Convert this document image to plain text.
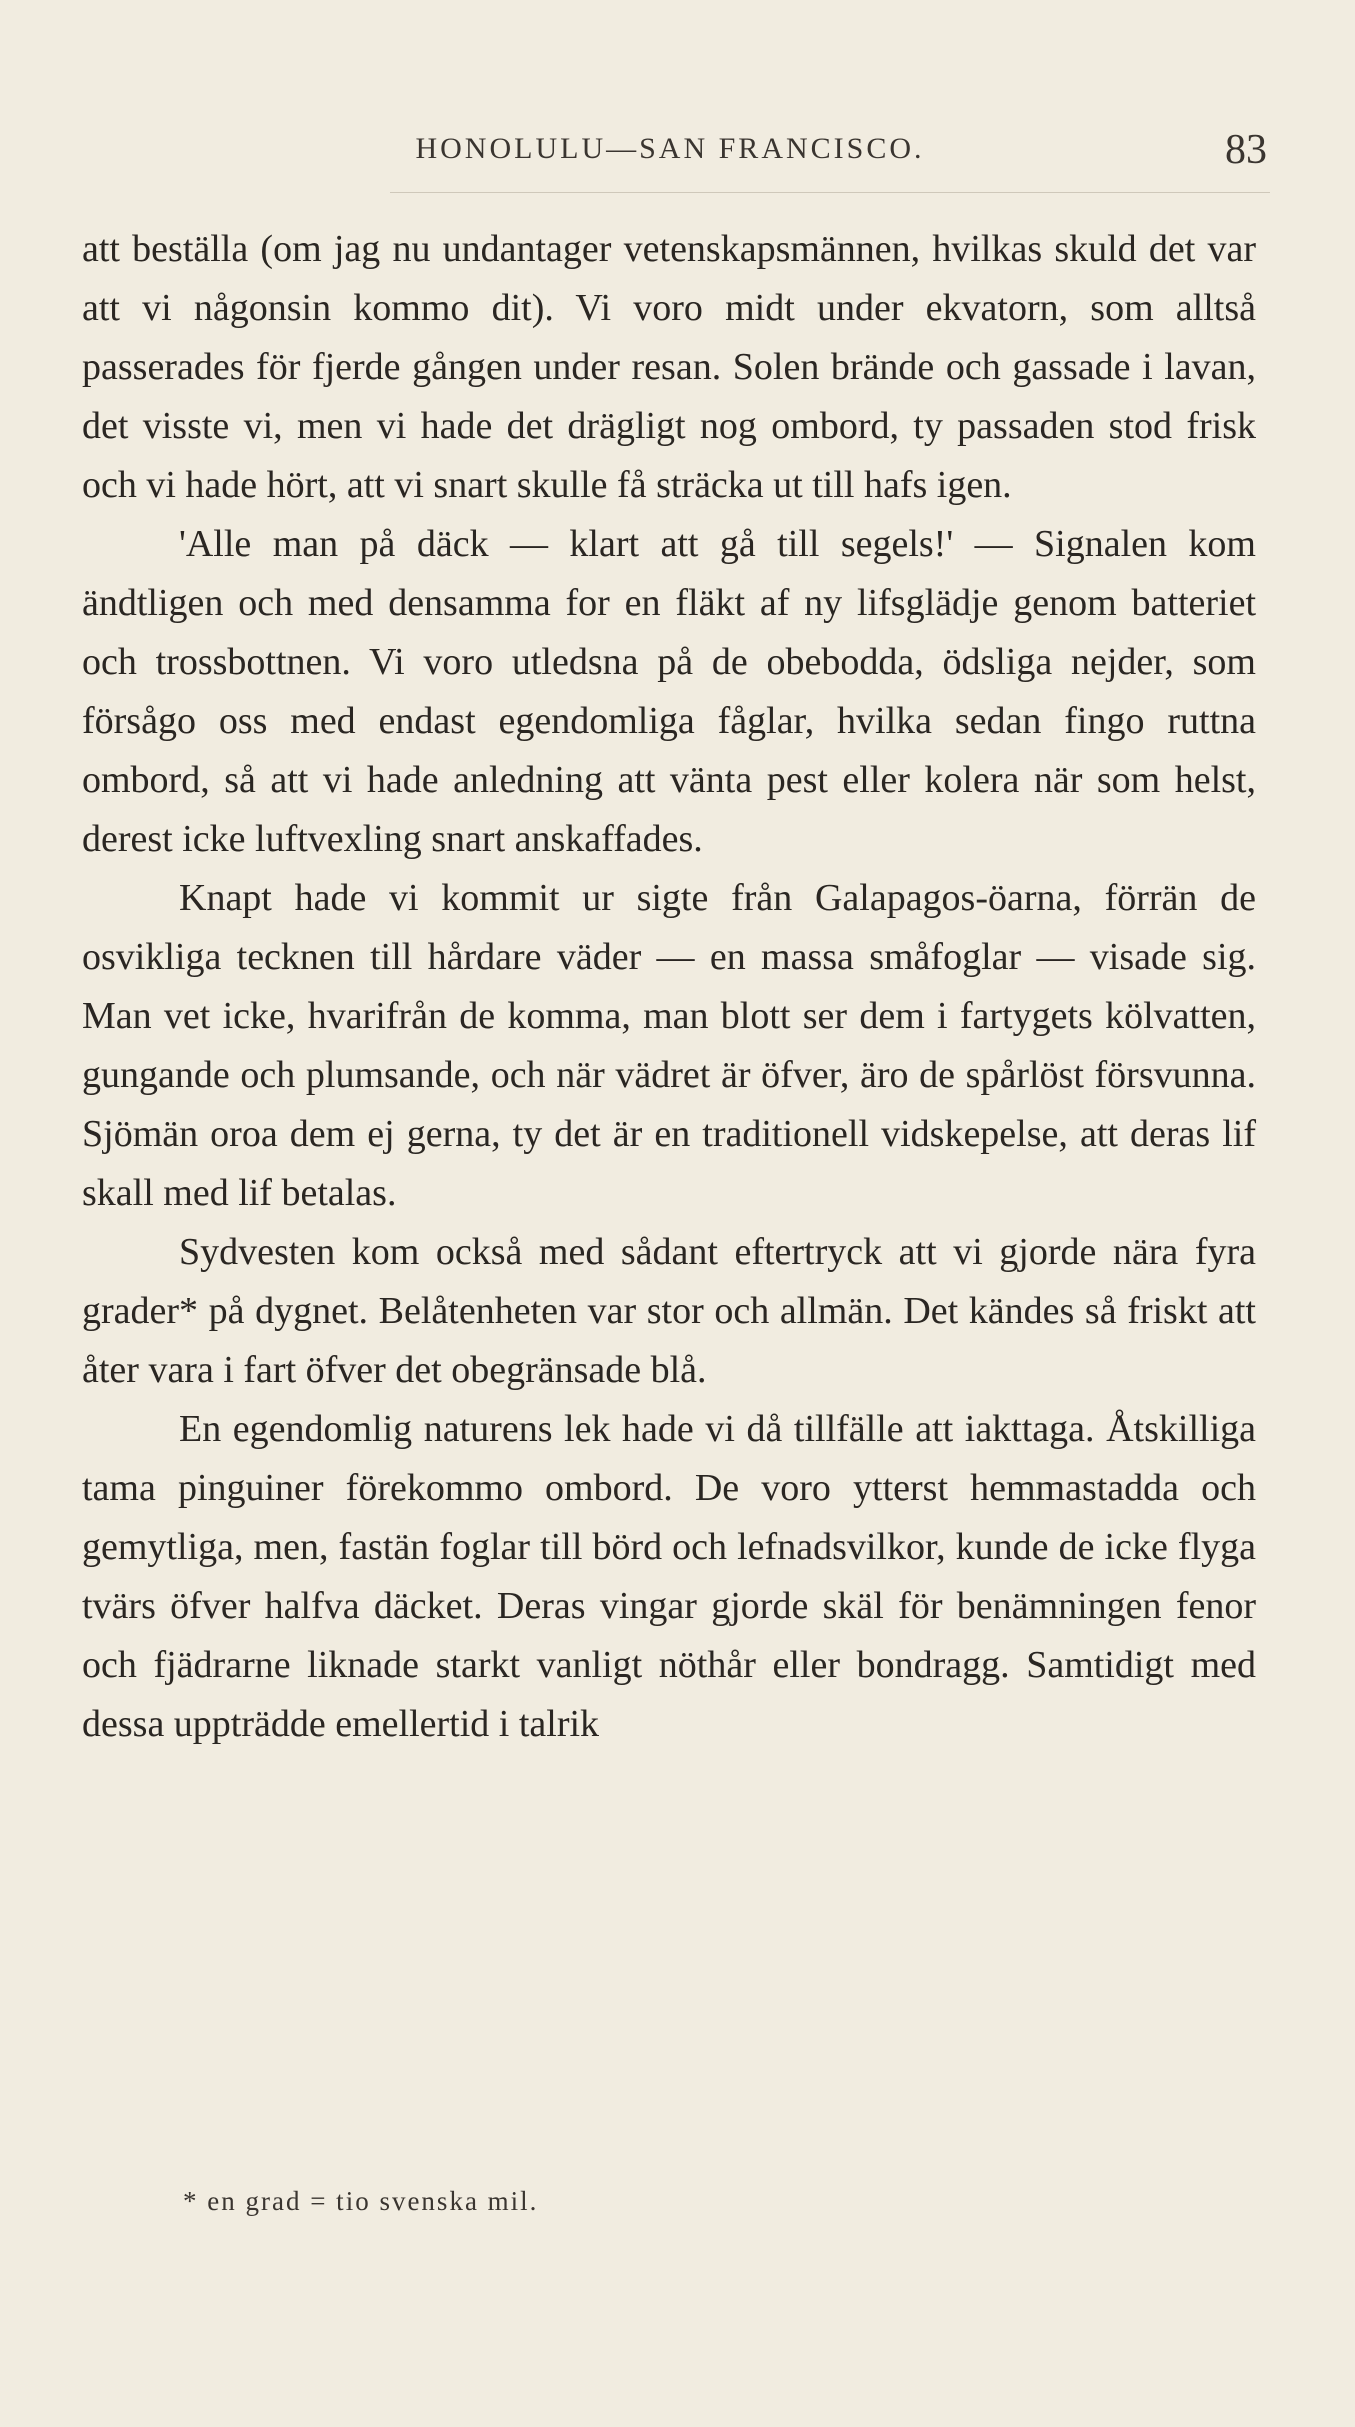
HONOLULU—SAN FRANCISCO.	83

att beställa (om jag nu undantager vetenskapsmännen, hvilkas skuld det var att vi någonsin kommo dit). Vi voro midt under ekvatorn, som alltså passerades för fjerde gången under resan. Solen brände och gassade i lavan, det visste vi, men vi hade det drägligt nog ombord, ty passaden stod frisk och vi hade hört, att vi snart skulle få sträcka ut till hafs igen.

'Alle man på däck — klart att gå till segels!' — Signalen kom ändtligen och med densamma for en fläkt af ny lifsglädje genom batteriet och trossbottnen. Vi voro utledsna på de obebodda, ödsliga nejder, som försågo oss med endast egendomliga fåglar, hvilka sedan fingo ruttna ombord, så att vi hade anledning att vänta pest eller kolera när som helst, derest icke luftvexling snart anskaffades.

Knapt hade vi kommit ur sigte från Galapagos-öarna, förrän de osvikliga tecknen till hårdare väder — en massa småfoglar — visade sig. Man vet icke, hvarifrån de komma, man blott ser dem i fartygets kölvatten, gungande och plumsande, och när vädret är öfver, äro de spårlöst försvunna. Sjömän oroa dem ej gerna, ty det är en traditionell vidskepelse, att deras lif skall med lif betalas.

Sydvesten kom också med sådant eftertryck att vi gjorde nära fyra grader* på dygnet. Belåtenheten var stor och allmän. Det kändes så friskt att åter vara i fart öfver det obegränsade blå.

En egendomlig naturens lek hade vi då tillfälle att iakttaga. Åtskilliga tama pinguiner förekommo ombord. De voro ytterst hemmastadda och gemytliga, men, fastän foglar till börd och lefnadsvilkor, kunde de icke flyga tvärs öfver halfva däcket. Deras vingar gjorde skäl för benämningen fenor och fjädrarne liknade starkt vanligt nöthår eller bondragg. Samtidigt med dessa uppträdde emellertid i talrik

* en grad = tio svenska mil.
